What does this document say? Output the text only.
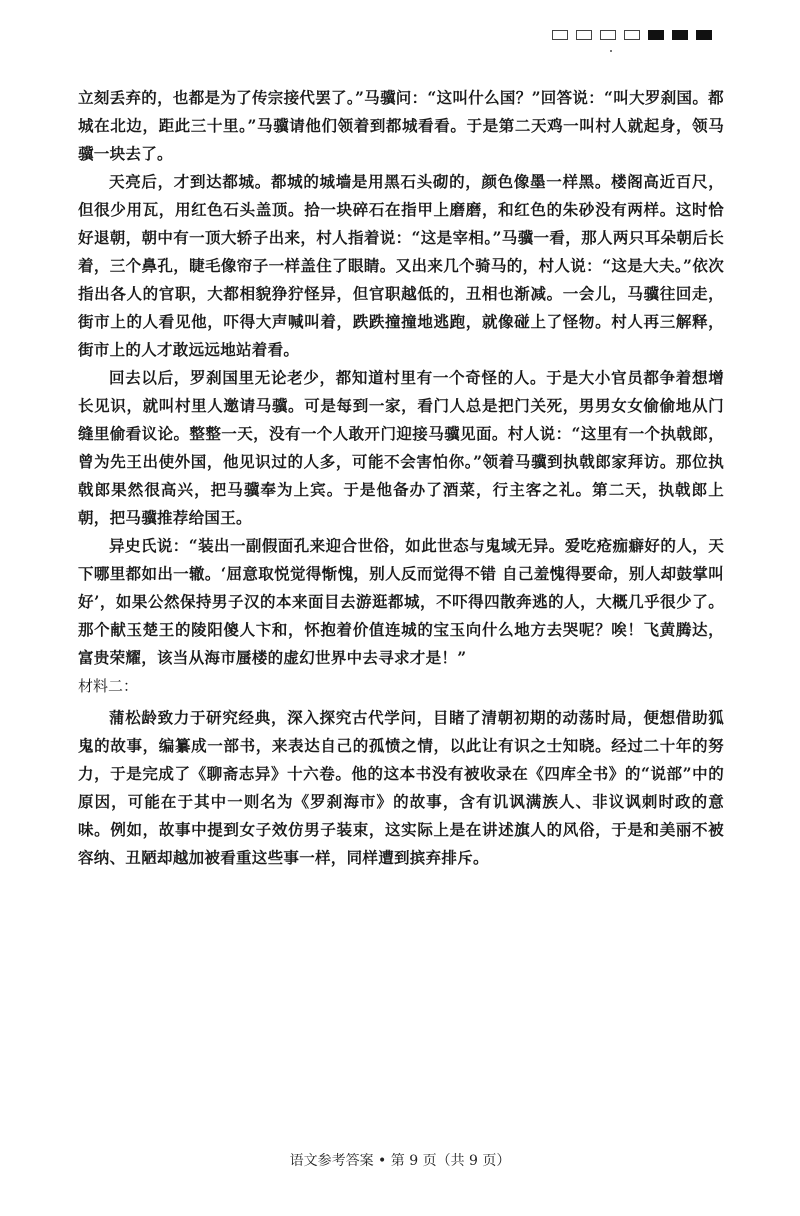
立刻丢弃的，也都是为了传宗接代罢了。”马骥问：“这叫什么国？”回答说：“叫大罗刹国。都城在北边，距此三十里。”马骥请他们领着到都城看看。于是第二天鸡一叫村人就起身，领马骥一块去了。

天亮后，才到达都城。都城的城墙是用黑石头砌的，颜色像墨一样黑。楼阁高近百尺，但很少用瓦，用红色石头盖顶。拾一块碎石在指甲上磨磨，和红色的朱砂没有两样。这时恰好退朝，朝中有一顶大轿子出来，村人指着说：“这是宰相。”马骥一看，那人两只耳朵朝后长着，三个鼻孔，睫毛像帘子一样盖住了眼睛。又出来几个骑马的，村人说：“这是大夫。”依次指出各人的官职，大都相貌狰狞怪异，但官职越低的，丑相也渐减。一会儿，马骥往回走，街市上的人看见他，吓得大声喊叫着，跌跌撞撞地逃跑，就像碰上了怪物。村人再三解释，街市上的人才敢远远地站着看。

回去以后，罗刹国里无论老少，都知道村里有一个奇怪的人。于是大小官员都争着想增长见识，就叫村里人邀请马骥。可是每到一家，看门人总是把门关死，男男女女偷偷地从门缝里偷看议论。整整一天，没有一个人敢开门迎接马骥见面。村人说：“这里有一个执戟郎，曾为先王出使外国，他见识过的人多，可能不会害怕你。”领着马骥到执戟郎家拜访。那位执戟郎果然很高兴，把马骥奉为上宾。于是他备办了酒菜，行主客之礼。第二天，执戟郎上朝，把马骥推荐给国王。

异史氏说：“装出一副假面孔来迎合世俗，如此世态与鬼域无异。爱吃疮痂癖好的人，天下哪里都如出一辙。‘屈意取悦觉得惭愧，别人反而觉得不错 自己羞愧得要命，别人却鼓掌叫好’，如果公然保持男子汉的本来面目去游逛都城，不吓得四散奔逃的人，大概几乎很少了。那个献玉楚王的陵阳傻人卞和，怀抱着价值连城的宝玉向什么地方去哭呢？唉！飞黄腾达，富贵荣耀，该当从海市蜃楼的虚幻世界中去寻求才是！”

材料二：

蒲松龄致力于研究经典，深入探究古代学问，目睹了清朝初期的动荡时局，便想借助狐鬼的故事，编纂成一部书，来表达自己的孤愤之情，以此让有识之士知晓。经过二十年的努力，于是完成了《聊斋志异》十六卷。他的这本书没有被收录在《四库全书》的“说部”中的原因，可能在于其中一则名为《罗刹海市》的故事，含有讥讽满族人、非议讽刺时政的意味。例如，故事中提到女子效仿男子装束，这实际上是在讲述旗人的风俗，于是和美丽不被容纳、丑陋却越加被看重这些事一样，同样遭到摈弃排斥。

语文参考答案 • 第 9 页（共 9 页）
